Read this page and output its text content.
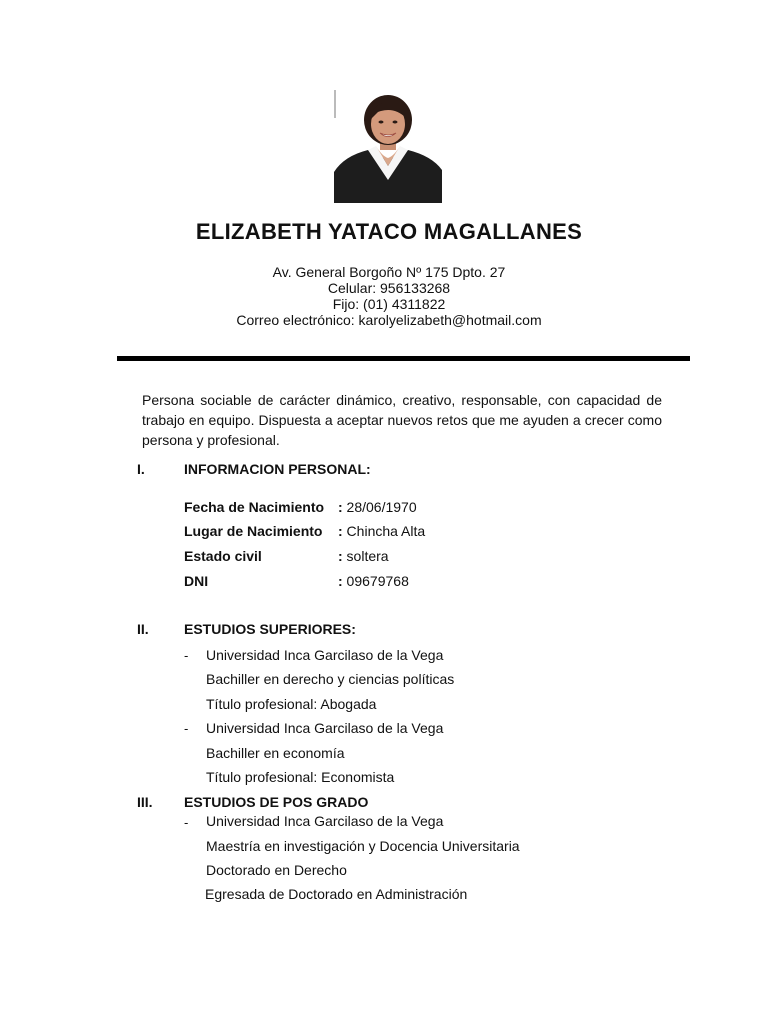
ELIZABETH YATACO MAGALLANES
Av. General Borgoño Nº 175 Dpto. 27
Celular: 956133268
Fijo: (01) 4311822
Correo electrónico: karolyelizabeth@hotmail.com
Persona sociable de carácter dinámico, creativo, responsable, con capacidad de trabajo en equipo. Dispuesta a aceptar nuevos retos que me ayuden a crecer como persona y profesional.
I.	INFORMACION PERSONAL:
Fecha de Nacimiento : 28/06/1970
Lugar de Nacimiento : Chincha Alta
Estado civil	: soltera
DNI	: 09679768
II.	ESTUDIOS SUPERIORES:
- Universidad Inca Garcilaso de la Vega
Bachiller en derecho y ciencias políticas
Título profesional: Abogada
- Universidad Inca Garcilaso de la Vega
Bachiller en economía
Título profesional: Economista
III. ESTUDIOS DE POS GRADO
- Universidad Inca Garcilaso de la Vega
Maestría en investigación y Docencia Universitaria
Doctorado en Derecho
Egresada de Doctorado en Administración
